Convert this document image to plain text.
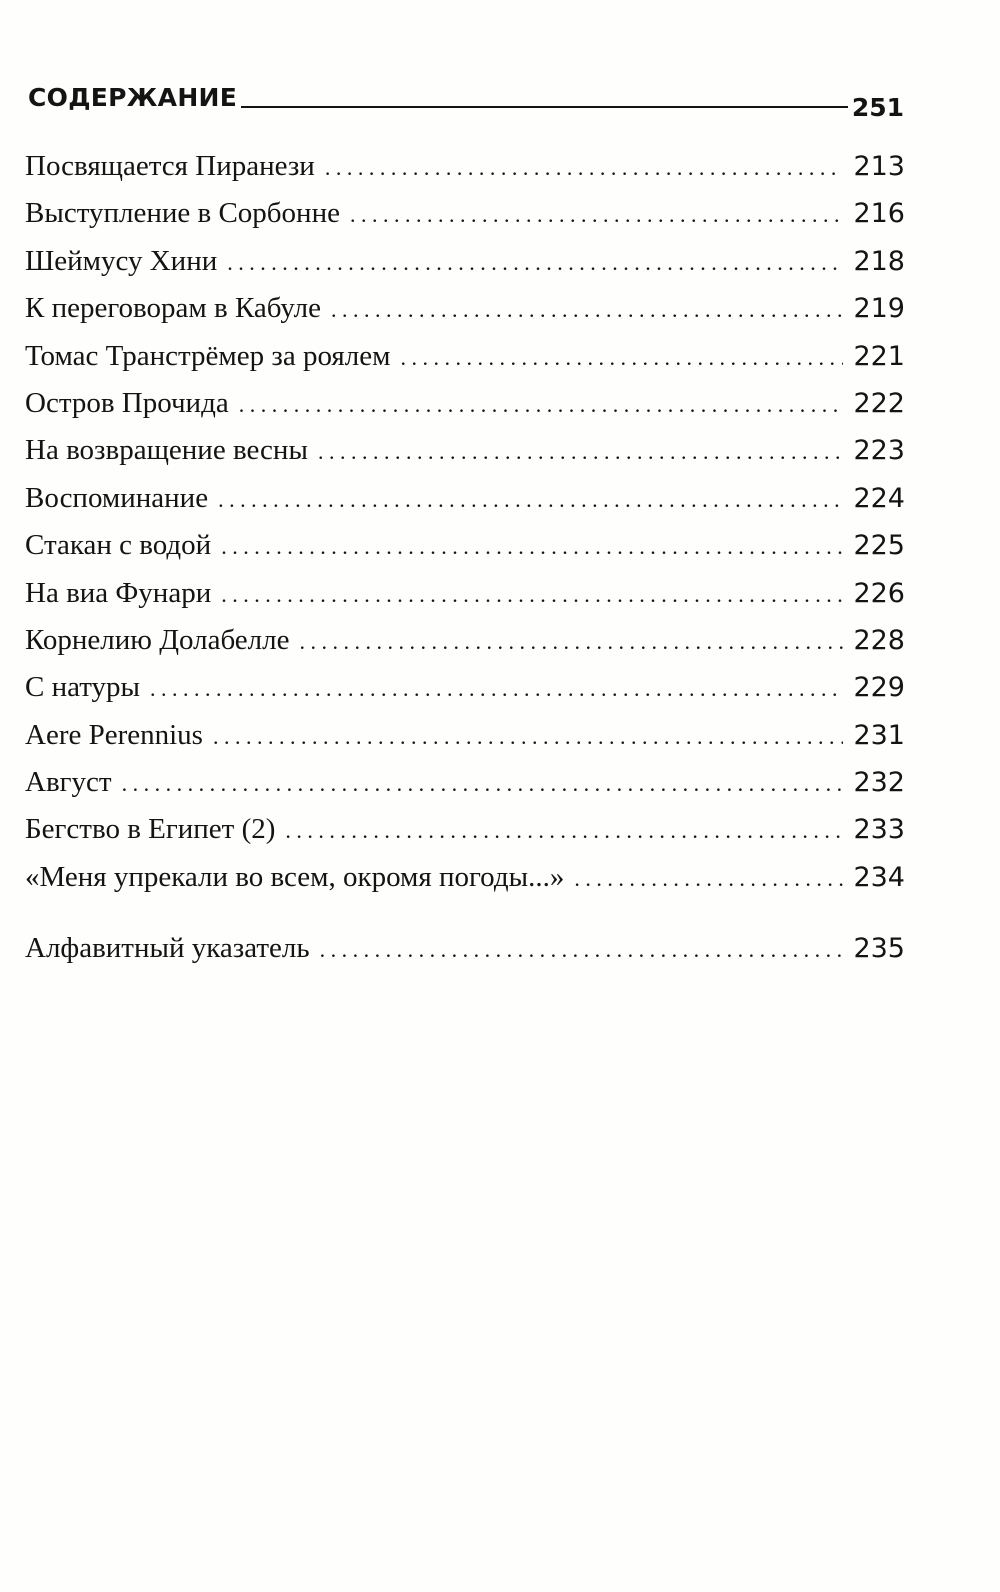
СОДЕРЖАНИЕ	251
Посвящается Пиранези . . .	213
Выступление в Сорбонне . . .	216
Шеймусу Хини . . .	218
К переговорам в Кабуле . . .	219
Томас Транстрёмер за роялем . . .	221
Остров Прочида . . .	222
На возвращение весны . . .	223
Воспоминание . . .	224
Стакан с водой . . .	225
На виа Фунари . . .	226
Корнелию Долабелле . . .	228
С натуры . . .	229
Aere Perennius . . .	231
Август . . .	232
Бегство в Египет (2) . . .	233
«Меня упрекали во всем, окромя погоды...» . . .	234
Алфавитный указатель . . .	235
